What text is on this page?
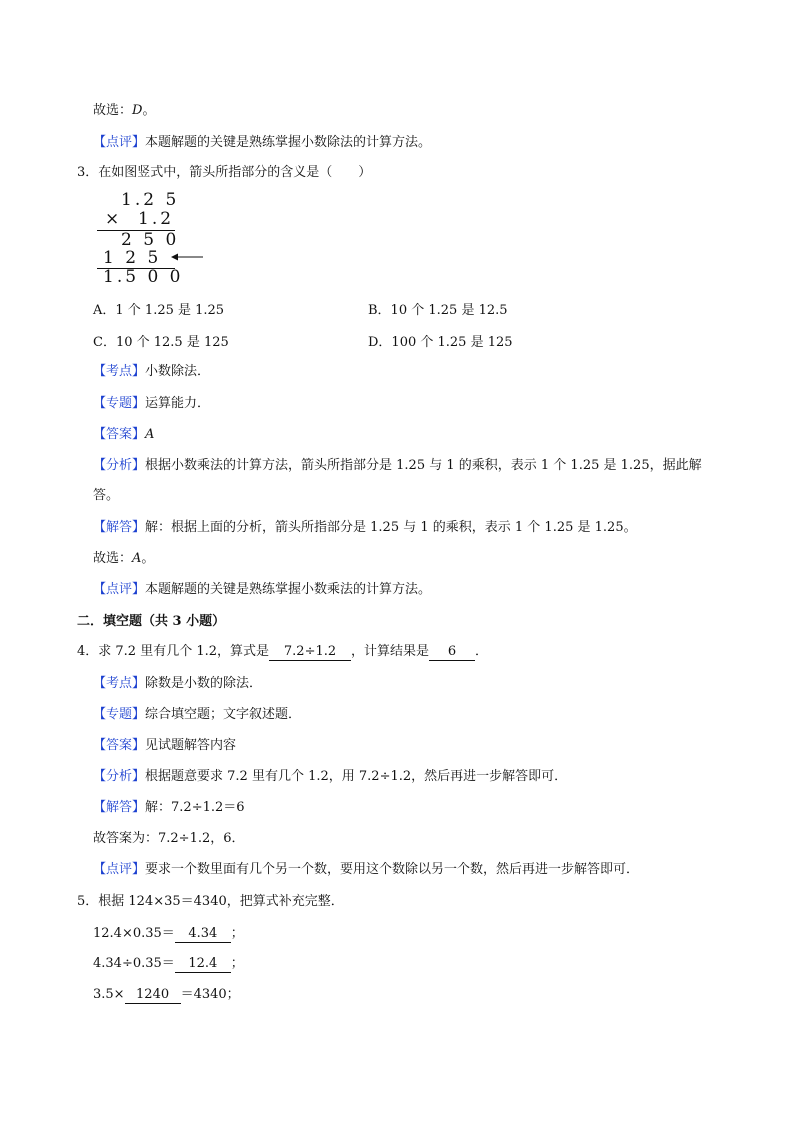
故选：D。
【点评】本题解题的关键是熟练掌握小数除法的计算方法。
3．在如图竖式中，箭头所指部分的含义是（　　）
1.2 5
× 1.2
2 5 0
1 2 5
1.5 0 0
A．1 个 1.25 是 1.25	B．10 个 1.25 是 12.5
C．10 个 12.5 是 125	D．100 个 1.25 是 125
【考点】小数除法．
【专题】运算能力．
【答案】A
【分析】根据小数乘法的计算方法，箭头所指部分是 1.25 与 1 的乘积，表示 1 个 1.25 是 1.25，据此解
答。
【解答】解：根据上面的分析，箭头所指部分是 1.25 与 1 的乘积，表示 1 个 1.25 是 1.25。
故选：A。
【点评】本题解题的关键是熟练掌握小数乘法的计算方法。
二．填空题（共 3 小题）
4．求 7.2 里有几个 1.2，算式是 7.2÷1.2 ，计算结果是 6 ．
【考点】除数是小数的除法．
【专题】综合填空题；文字叙述题．
【答案】见试题解答内容
【分析】根据题意要求 7.2 里有几个 1.2，用 7.2÷1.2，然后再进一步解答即可．
【解答】解：7.2÷1.2＝6
故答案为：7.2÷1.2，6．
【点评】要求一个数里面有几个另一个数，要用这个数除以另一个数，然后再进一步解答即可．
5．根据 124×35＝4340，把算式补充完整．
12.4×0.35＝ 4.34 ；
4.34÷0.35＝ 12.4 ；
3.5× 1240 ＝4340；
